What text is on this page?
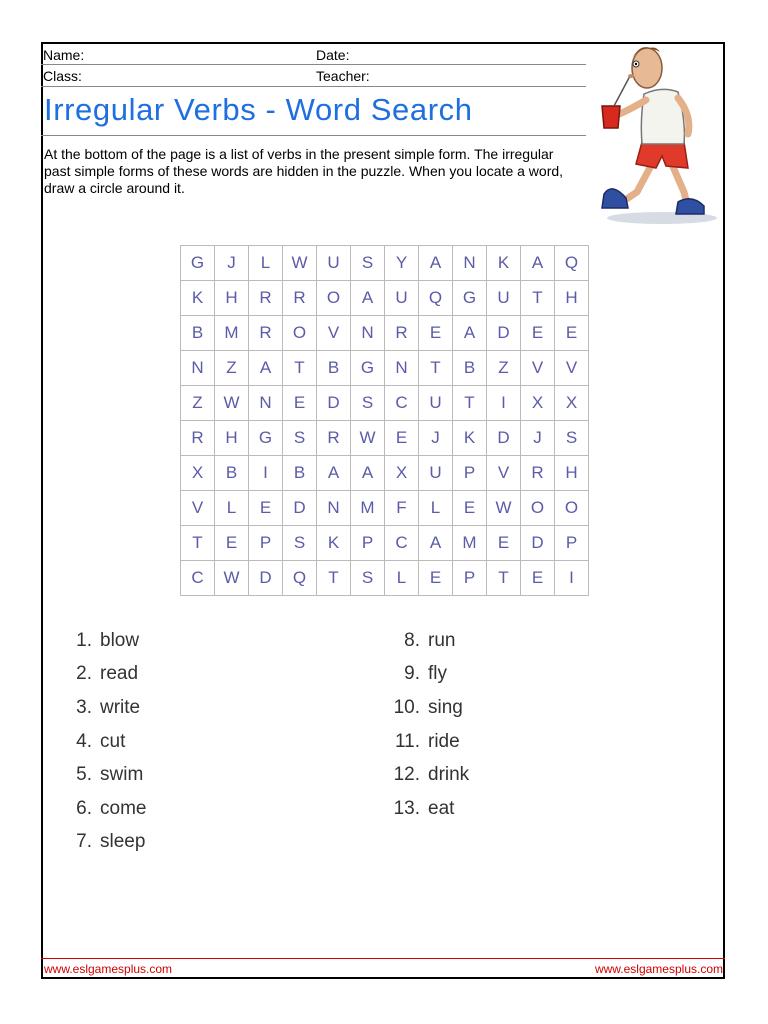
Name:	Date:
Class:	Teacher:
Irregular Verbs - Word Search
At the bottom of the page is a list of verbs in the present simple form. The irregular past simple forms of these words are hidden in the puzzle. When you locate a word, draw a circle around it.
G	J	L	W	U	S	Y	A	N	K	A	Q
K	H	R	R	O	A	U	Q	G	U	T	H
B	M	R	O	V	N	R	E	A	D	E	E
N	Z	A	T	B	G	N	T	B	Z	V	V
Z	W	N	E	D	S	C	U	T	I	X	X
R	H	G	S	R	W	E	J	K	D	J	S
X	B	I	B	A	A	X	U	P	V	R	H
V	L	E	D	N	M	F	L	E	W	O	O
T	E	P	S	K	P	C	A	M	E	D	P
C	W	D	Q	T	S	L	E	P	T	E	I
1. blow
2. read
3. write
4. cut
5. swim
6. come
7. sleep
8. run
9. fly
10. sing
11. ride
12. drink
13. eat
www.eslgamesplus.com	www.eslgamesplus.com
